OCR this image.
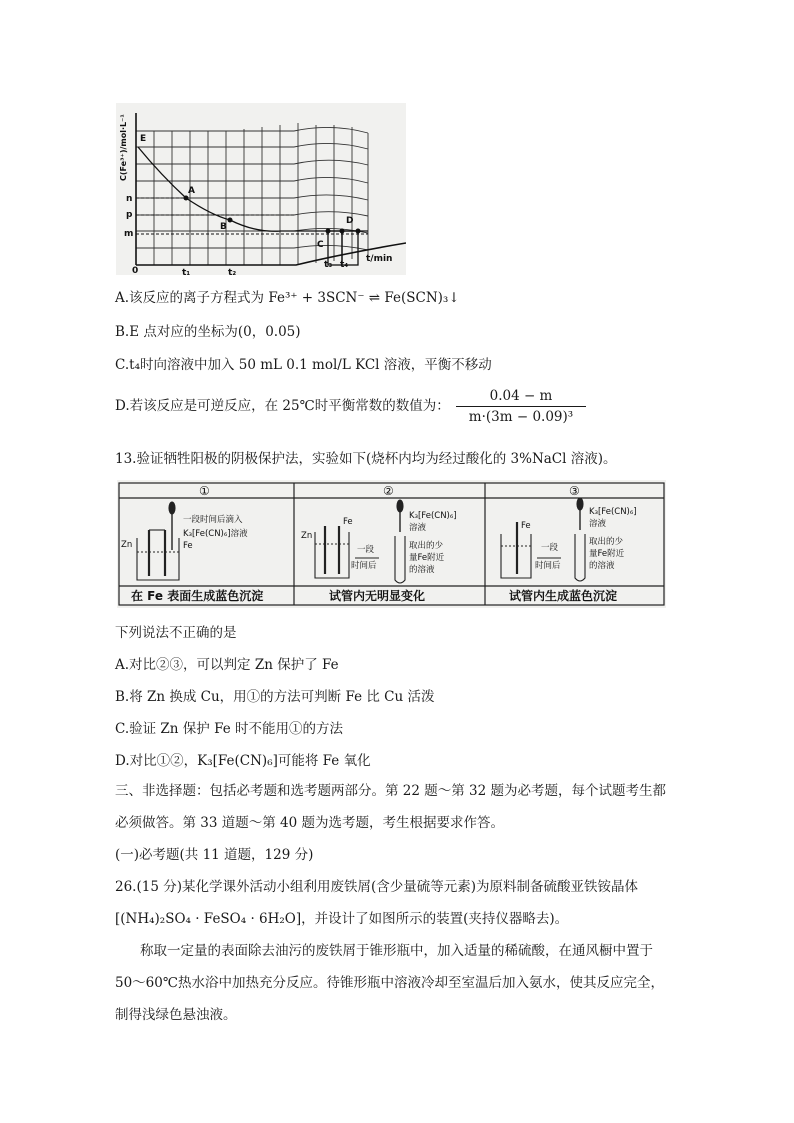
E
A
B
C
D
n
p
m
0	t₁	t₂
t₃ t₄
t/min
C(Fe³⁺)/mol·L⁻¹
A.该反应的离子方程式为 Fe³⁺ + 3SCN⁻ ⇌ Fe(SCN)₃↓
B.E 点对应的坐标为(0，0.05)
C.t₄时向溶液中加入 50 mL 0.1 mol/L KCl 溶液，平衡不移动
D.若该反应是可逆反应，在 25℃时平衡常数的数值为： $\frac{0.04 - m}{\text{m·(3m − 0.09)³}}$
13.验证牺牲阳极的阴极保护法，实验如下(烧杯内均为经过酸化的 3%NaCl 溶液)。
①	②	③
在 Fe 表面生成蓝色沉淀	试管内无明显变化	试管内生成蓝色沉淀
一段时间后滴入
K₃[Fe(CN)₆]溶液
Zn	Fe
K₃[Fe(CN)₆]
溶液
Zn
Fe
一段
时间后
取出的少
量Fe附近
的溶液
K₃[Fe(CN)₆]
溶液
Fe
一段
时间后
取出的少
量Fe附近
的溶液
下列说法不正确的是
A.对比②③，可以判定 Zn 保护了 Fe
B.将 Zn 换成 Cu，用①的方法可判断 Fe 比 Cu 活泼
C.验证 Zn 保护 Fe 时不能用①的方法
D.对比①②，K₃[Fe(CN)₆]可能将 Fe 氧化
三、非选择题：包括必考题和选考题两部分。第 22 题～第 32 题为必考题，每个试题考生都
必须做答。第 33 道题～第 40 题为选考题，考生根据要求作答。
(一)必考题(共 11 道题，129 分)
26.(15 分)某化学课外活动小组利用废铁屑(含少量硫等元素)为原料制备硫酸亚铁铵晶体
[(NH₄)₂SO₄ · FeSO₄ · 6H₂O]，并设计了如图所示的装置(夹持仪器略去)。
称取一定量的表面除去油污的废铁屑于锥形瓶中，加入适量的稀硫酸，在通风橱中置于
50～60℃热水浴中加热充分反应。待锥形瓶中溶液冷却至室温后加入氨水，使其反应完全，
制得浅绿色悬浊液。
